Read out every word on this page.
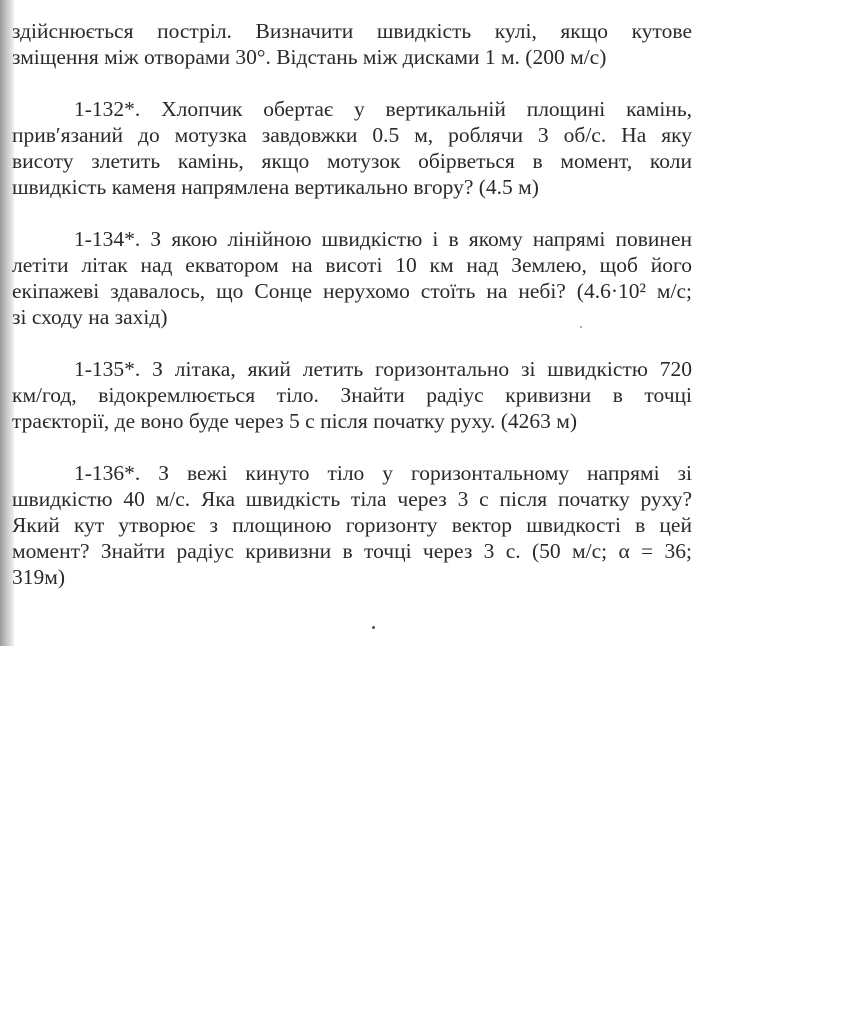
здійснюється постріл. Визначити швидкість кулі, якщо кутове
зміщення між отворами 30°. Відстань між дисками 1 м. (200 м/с)
1-132*. Хлопчик обертає у вертикальній площині камінь,
прив′язаний до мотузка завдовжки 0.5 м, роблячи 3 об/с. На яку
висоту злетить камінь, якщо мотузок обірветься в момент, коли
швидкість каменя напрямлена вертикально вгору? (4.5 м)
1-134*. З якою лінійною швидкістю і в якому напрямі повинен
летіти літак над екватором на висоті 10 км над Землею, щоб його
екіпажеві здавалось, що Сонце нерухомо стоїть на небі? (4.6·10² м/с;
зі сходу на захід)
1-135*. З літака, який летить горизонтально зі швидкістю 720
км/год, відокремлюється тіло. Знайти радіус кривизни в точці
траєкторії, де воно буде через 5 с після початку руху. (4263 м)
1-136*. З вежі кинуто тіло у горизонтальному напрямі зі
швидкістю 40 м/с. Яка швидкість тіла через 3 с після початку руху?
Який кут утворює з площиною горизонту вектор швидкості в цей
момент? Знайти радіус кривизни в точці через 3 с. (50 м/с; α = 36;
319м)
